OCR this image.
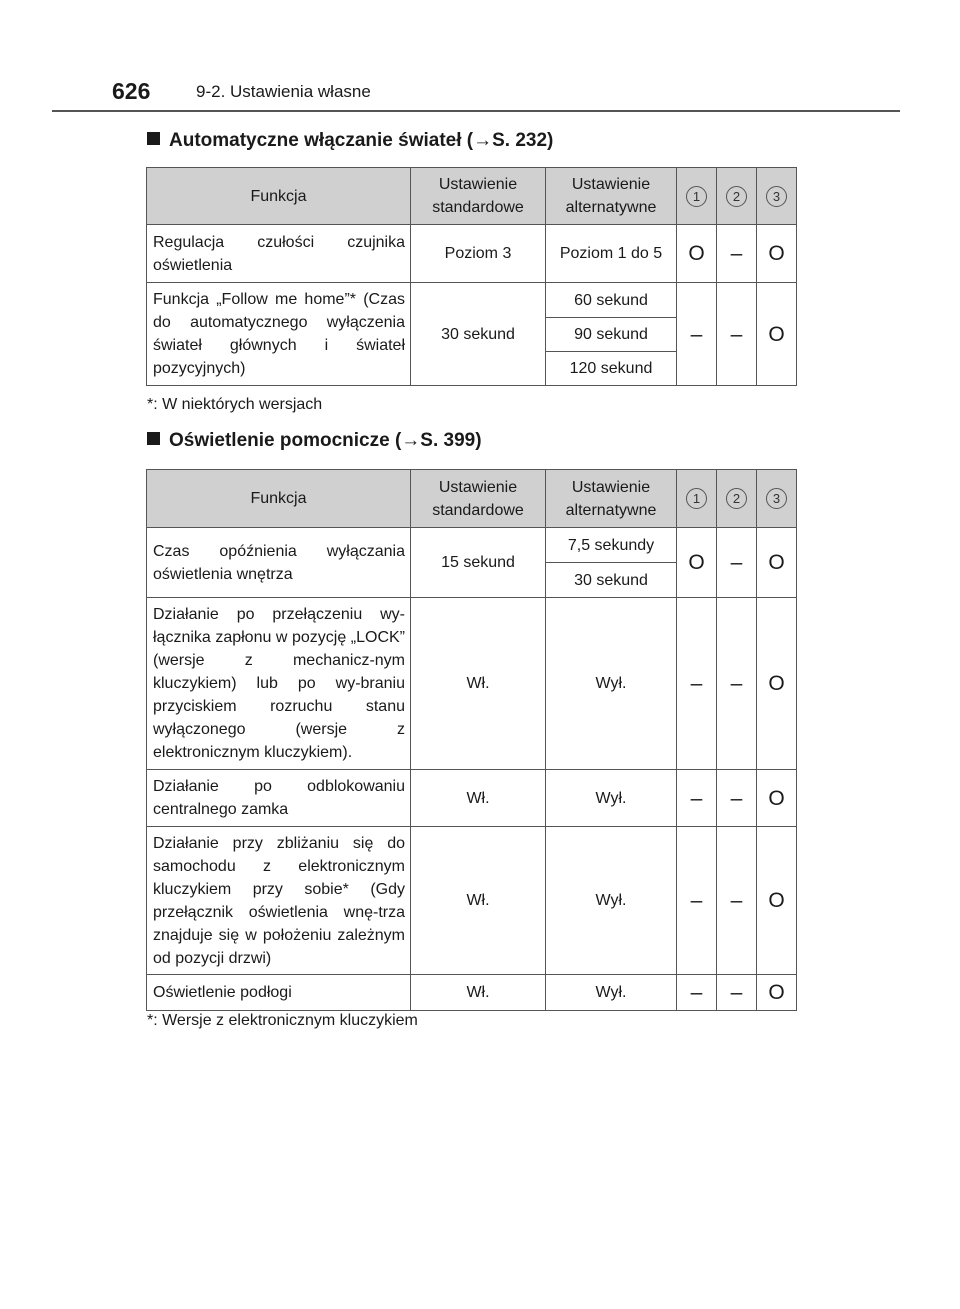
626	9-2. Ustawienia własne
Automatyczne włączanie świateł (→S. 232)
Funkcja	Ustawienie standardowe	Ustawienie alternatywne	1	2	3
Regulacja czułości czujnika oświetlenia	Poziom 3	Poziom 1 do 5	O	–	O
Funkcja „Follow me home”* (Czas do automatycznego wyłączenia świateł głównych i świateł pozycyjnych)	30 sekund	60 sekund	–	–	O
		90 sekund			
		120 sekund			
*: W niektórych wersjach
Oświetlenie pomocnicze (→S. 399)
Funkcja	Ustawienie standardowe	Ustawienie alternatywne	1	2	3
Czas opóźnienia wyłączania oświetlenia wnętrza	15 sekund	7,5 sekundy	O	–	O
		30 sekund			
Działanie po przełączeniu wy-łącznika zapłonu w pozycję „LOCK” (wersje z mechanicz-nym kluczykiem) lub po wy-braniu przyciskiem rozruchu stanu wyłączonego (wersje z elektronicznym kluczykiem).	Wł.	Wył.	–	–	O
Działanie po odblokowaniu centralnego zamka	Wł.	Wył.	–	–	O
Działanie przy zbliżaniu się do samochodu z elektronicznym kluczykiem przy sobie* (Gdy przełącznik oświetlenia wnę-trza znajduje się w położeniu zależnym od pozycji drzwi)	Wł.	Wył.	–	–	O
Oświetlenie podłogi	Wł.	Wył.	–	–	O
*: Wersje z elektronicznym kluczykiem
